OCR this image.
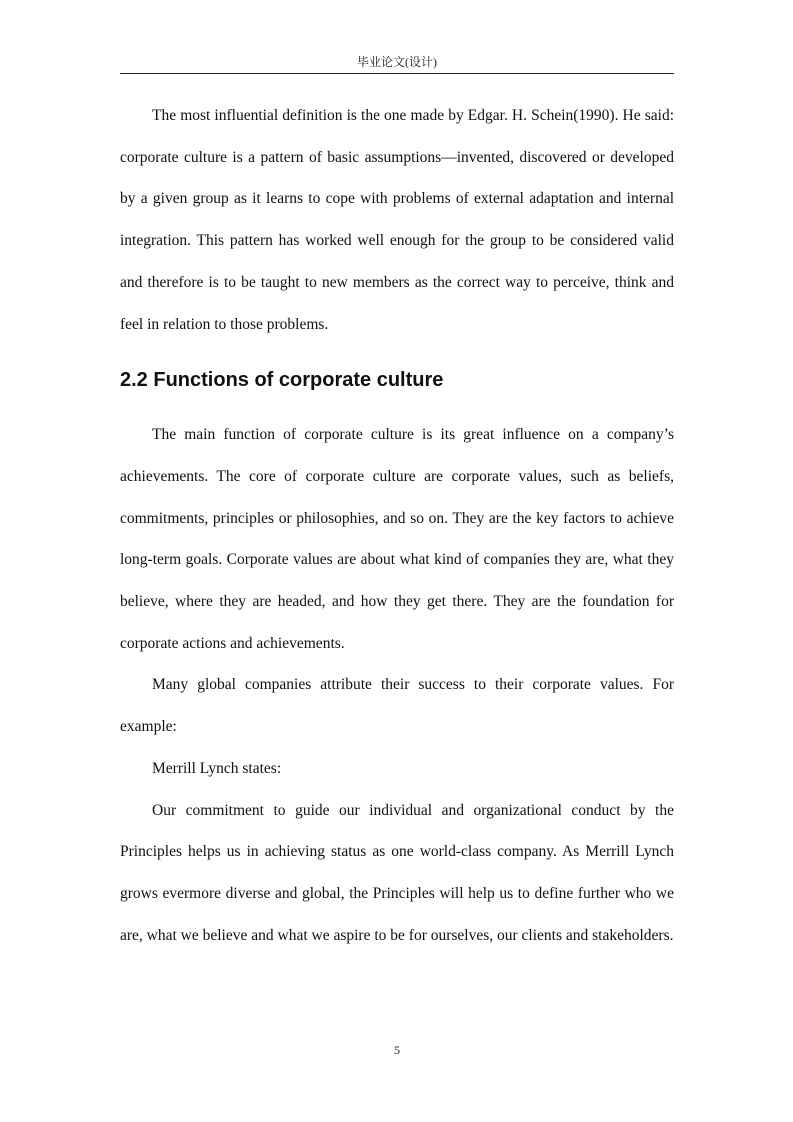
毕业论文(设计)

The most influential definition is the one made by Edgar. H. Schein(1990). He said: corporate culture is a pattern of basic assumptions—invented, discovered or developed by a given group as it learns to cope with problems of external adaptation and internal integration. This pattern has worked well enough for the group to be considered valid and therefore is to be taught to new members as the correct way to perceive, think and feel in relation to those problems.

2.2 Functions of corporate culture

The main function of corporate culture is its great influence on a company’s achievements. The core of corporate culture are corporate values, such as beliefs, commitments, principles or philosophies, and so on. They are the key factors to achieve long-term goals. Corporate values are about what kind of companies they are, what they believe, where they are headed, and how they get there. They are the foundation for corporate actions and achievements.

Many global companies attribute their success to their corporate values. For example:

Merrill Lynch states:

Our commitment to guide our individual and organizational conduct by the Principles helps us in achieving status as one world-class company. As Merrill Lynch grows evermore diverse and global, the Principles will help us to define further who we are, what we believe and what we aspire to be for ourselves, our clients and stakeholders.

5
